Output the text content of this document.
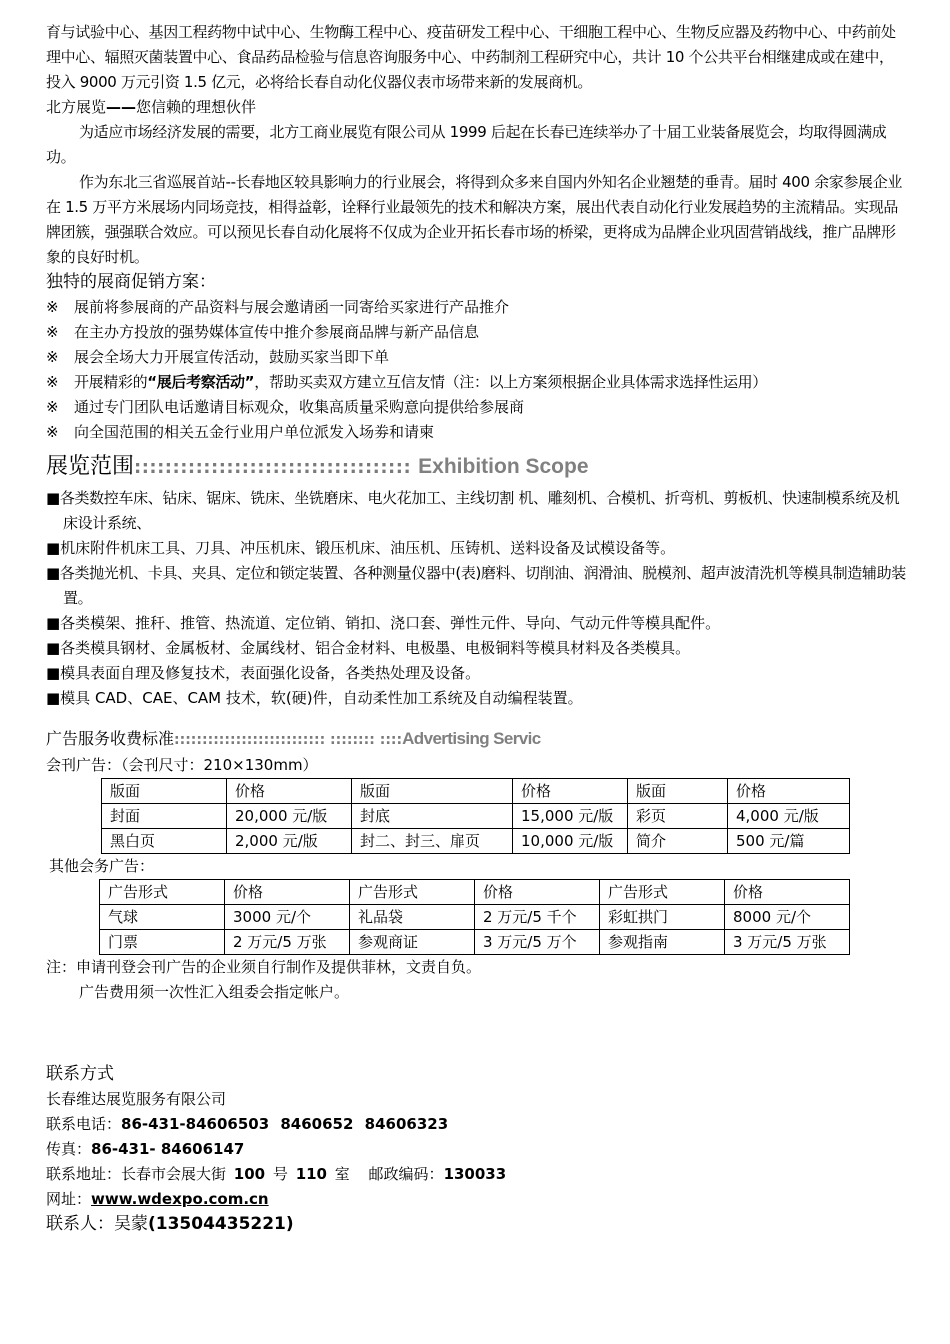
育与试验中心、基因工程药物中试中心、生物酶工程中心、疫苗研发工程中心、干细胞工程中心、生物反应器及药物中心、中药前处理中心、辐照灭菌装置中心、食品药品检验与信息咨询服务中心、中药制剂工程研究中心，共计 10 个公共平台相继建成或在建中，投入 9000 万元引资 1.5 亿元，必将给长春自动化仪器仪表市场带来新的发展商机。

北方展览——您信赖的理想伙伴

为适应市场经济发展的需要，北方工商业展览有限公司从 1999 后起在长春已连续举办了十届工业装备展览会，均取得圆满成功。

作为东北三省巡展首站--长春地区较具影响力的行业展会，将得到众多来自国内外知名企业翘楚的垂青。届时 400 余家参展企业在 1.5 万平方米展场内同场竞技，相得益彰，诠释行业最领先的技术和解决方案，展出代表自动化行业发展趋势的主流精品。实现品牌团簇，强强联合效应。可以预见长春自动化展将不仅成为企业开拓长春市场的桥梁，更将成为品牌企业巩固营销战线，推广品牌形象的良好时机。

独特的展商促销方案：

※ 展前将参展商的产品资料与展会邀请函一同寄给买家进行产品推介
※ 在主办方投放的强势媒体宣传中推介参展商品牌与新产品信息
※ 展会全场大力开展宣传活动，鼓励买家当即下单
※ 开展精彩的“展后考察活动”，帮助买卖双方建立互信友情（注：以上方案须根据企业具体需求选择性运用）
※ 通过专门团队电话邀请目标观众，收集高质量采购意向提供给参展商
※ 向全国范围的相关五金行业用户单位派发入场劵和请柬
展览范围:::::::::::::::::::::::::::::::::::: Exhibition Scope
■各类数控车床、钻床、锯床、铣床、坐铣磨床、电火花加工、主线切割 机、雕刻机、合模机、折弯机、剪板机、快速制模系统及机床设计系统、
■机床附件机床工具、刀具、冲压机床、锻压机床、油压机、压铸机、送料设备及试模设备等。
■各类抛光机、卡具、夹具、定位和锁定装置、各种测量仪器中(表)磨料、切削油、润滑油、脱模剂、超声波清洗机等模具制造辅助装置。
■各类模架、推秆、推管、热流道、定位销、销扣、浇口套、弹性元件、导向、气动元件等模具配件。
■各类模具钢材、金属板材、金属线材、铝合金材料、电极墨、电极铜料等模具材料及各类模具。
■模具表面自理及修复技术，表面强化设备，各类热处理及设备。
■模具 CAD、CAE、CAM 技术，软(硬)件，自动柔性加工系统及自动编程装置。
广告服务收费标准::::::::::::::::::::::::::: :::::::: ::::Advertising Servic

会刊广告：（会刊尺寸：210×130mm）

版面	价格	版面	价格	版面	价格
封面	20,000 元/版	封底	15,000 元/版	彩页	4,000 元/版
黑白页	2,000 元/版	封二、封三、扉页	10,000 元/版	简介	500 元/篇

其他会务广告：

广告形式	价格	广告形式	价格	广告形式	价格
气球	3000 元/个	礼品袋	2 万元/5 千个	彩虹拱门	8000 元/个
门票	2 万元/5 万张	参观商证	3 万元/5 万个	参观指南	3 万元/5 万张

注：申请刊登会刊广告的企业须自行制作及提供菲林，文责自负。

广告费用须一次性汇入组委会指定帐户。

联系方式

长春维达展览服务有限公司

联系电话：86-431-84606503 8460652 84606323

传真：86-431- 84606147

联系地址：长春市会展大街 100 号 110 室 邮政编码：130033

网址：www.wdexpo.com.cn

联系人：吴蒙(13504435221)
